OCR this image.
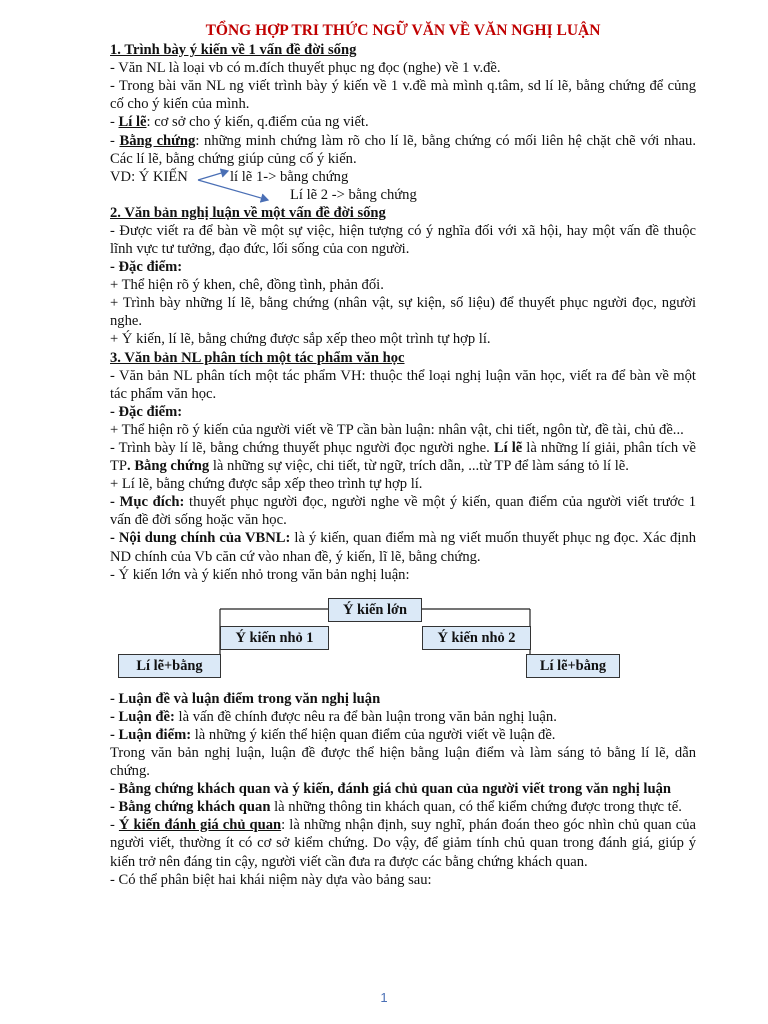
TỔNG HỢP TRI THỨC NGỮ VĂN VỀ VĂN NGHỊ LUẬN
1. Trình bày ý kiến về 1 vấn đề đời sống
- Văn NL là loại vb có m.đích thuyết phục ng đọc (nghe) về 1 v.đề.
- Trong bài văn NL ng viết trình bày ý kiến về 1 v.đề mà mình q.tâm, sd lí lẽ, bằng chứng để củng cố cho ý kiến của mình.
- Lí lẽ: cơ sở cho ý kiến, q.điểm của ng viết.
- Bằng chứng: những minh chứng làm rõ cho lí lẽ, bằng chứng có mối liên hệ chặt chẽ với nhau. Các lí lẽ, bằng chứng giúp củng cố ý kiến.
VD: Ý KIẾN	lí lẽ 1-> bằng chứng
Lí lẽ 2 -> bằng chứng
2. Văn bản nghị luận về một vấn đề đời sống
- Được viết ra để bàn về một sự việc, hiện tượng có ý nghĩa đối với xã hội, hay một vấn đề thuộc lĩnh vực tư tưởng, đạo đức, lối sống của con người.
- Đặc điểm:
+ Thể hiện rõ ý khen, chê, đồng tình, phản đối.
+ Trình bày những lí lẽ, bằng chứng (nhân vật, sự kiện, số liệu) để thuyết phục người đọc, người nghe.
+ Ý kiến, lí lẽ, bằng chứng được sắp xếp theo một trình tự hợp lí.
3. Văn bản NL phân tích một tác phẩm văn học
- Văn bản NL phân tích một tác phẩm VH: thuộc thể loại nghị luận văn học, viết ra để bàn về một tác phẩm văn học.
- Đặc điểm:
+ Thể hiện rõ ý kiến của người viết về TP cần bàn luận: nhân vật, chi tiết, ngôn từ, đề tài, chủ đề...
- Trình bày lí lẽ, bằng chứng thuyết phục người đọc người nghe. Lí lẽ là những lí giải, phân tích về TP. Bằng chứng là những sự việc, chi tiết, từ ngữ, trích dẫn, ...từ TP để làm sáng tỏ lí lẽ.
+ Lí lẽ, bằng chứng được sắp xếp theo trình tự hợp lí.
- Mục đích: thuyết phục người đọc, người nghe về một ý kiến, quan điểm của người viết trước 1 vấn đề đời sống hoặc văn học.
- Nội dung chính của VBNL: là ý kiến, quan điểm mà ng viết muốn thuyết phục ng đọc. Xác định ND chính của Vb căn cứ vào nhan đề, ý kiến, lĩ lẽ, bằng chứng.
- Ý kiến lớn và ý kiến nhỏ trong văn bản nghị luận:
Ý kiến lớn
Ý kiến nhỏ 1	Ý kiến nhỏ 2
Lí lẽ+bằng	Lí lẽ+bằng
- Luận đề và luận điểm trong văn nghị luận
- Luận đề: là vấn đề chính được nêu ra để bàn luận trong văn bản nghị luận.
- Luận điểm: là những ý kiến thể hiện quan điểm của người viết về luận đề.
Trong văn bản nghị luận, luận đề được thể hiện bằng luận điểm và làm sáng tỏ bằng lí lẽ, dẫn chứng.
- Bằng chứng khách quan và ý kiến, đánh giá chủ quan của người viết trong văn nghị luận
- Bằng chứng khách quan là những thông tin khách quan, có thể kiểm chứng được trong thực tế.
- Ý kiến đánh giá chủ quan: là những nhận định, suy nghĩ, phán đoán theo góc nhìn chủ quan của người viết, thường ít có cơ sở kiểm chứng. Do vậy, để giảm tính chủ quan trong đánh giá, giúp ý kiến trở nên đáng tin cậy, người viết cần đưa ra được các bằng chứng khách quan.
- Có thể phân biệt hai khái niệm này dựa vào bảng sau:
1
